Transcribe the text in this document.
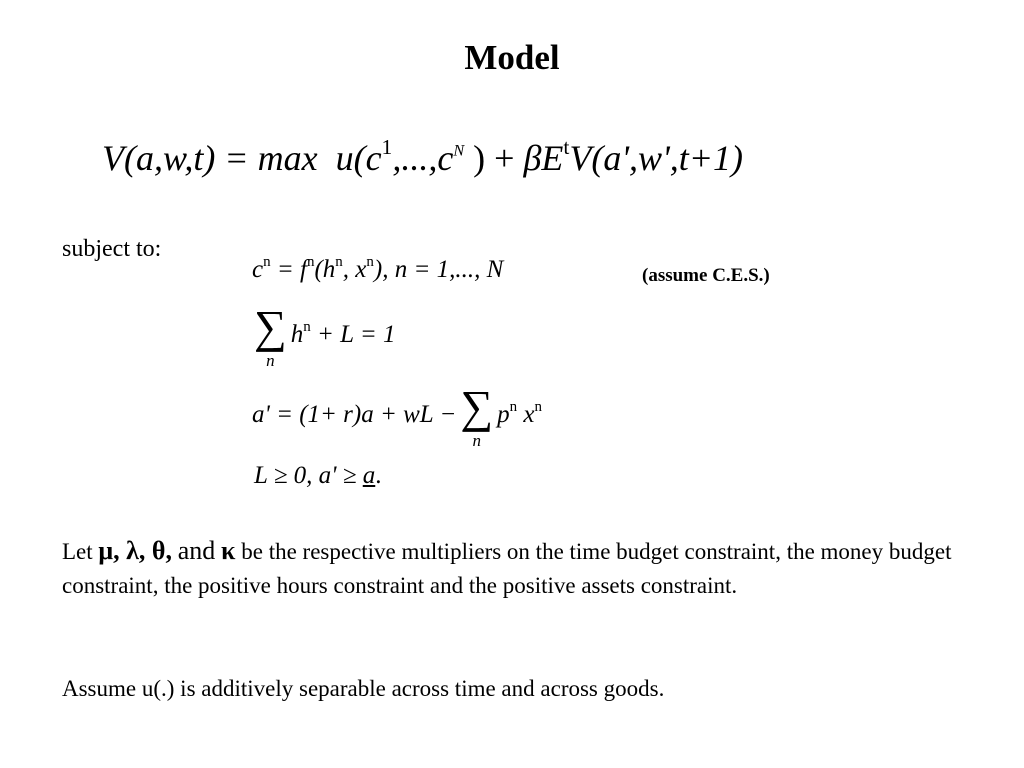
Model
$V(a,w,t) = \max u(c^1,...,c^N$ ) + $\beta E^tV(a',w',t+1)$
subject to:
$c^n = f^n(h^n$, $x^n$), n = 1,..., N	(assume C.E.S.)
∑
n
$h^n + L = 1$
a' = (1+ r)a + wL − ∑
n
$p^n$ $x^n$
L ≥ 0, a' ≥ a.
Let μ, λ, θ, and κ be the respective multipliers on the time budget constraint, the money budget constraint, the positive hours constraint and the positive assets constraint.
Assume u(.) is additively separable across time and across goods.
